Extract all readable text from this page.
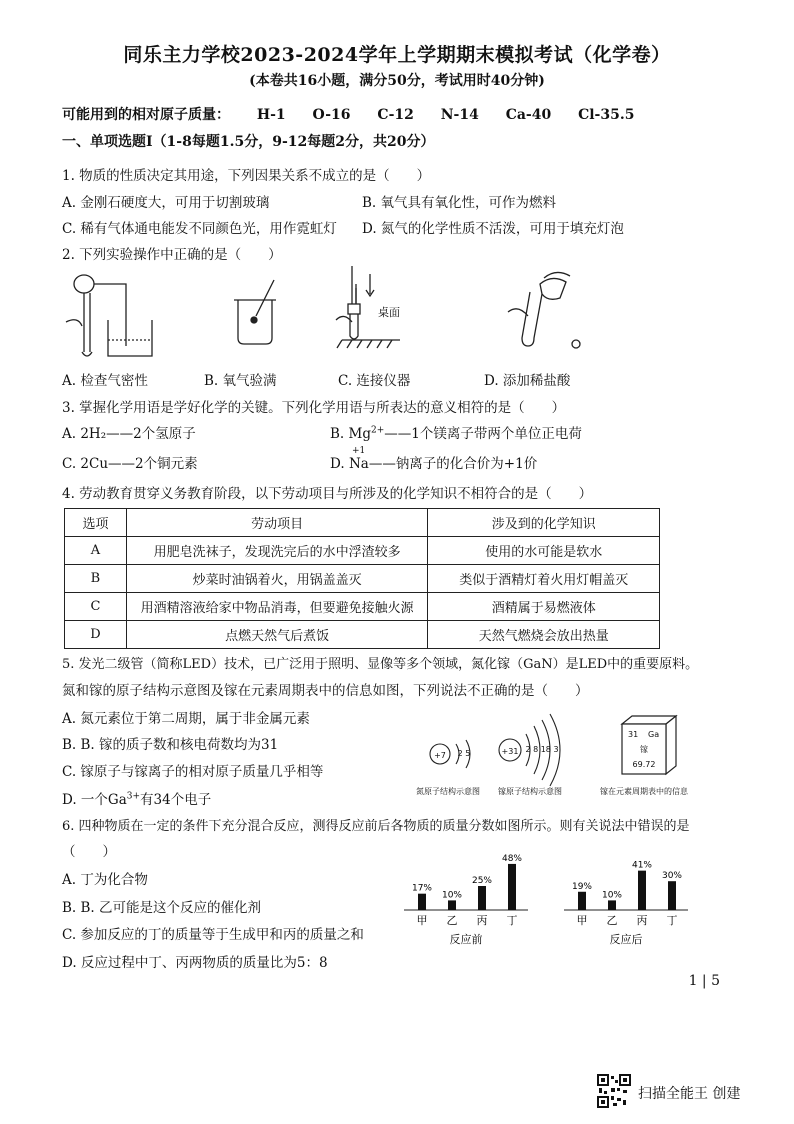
同乐主力学校2023-2024学年上学期期末模拟考试（化学卷）
(本卷共16小题，满分50分，考试用时40分钟)
可能用到的相对原子质量： H-1 O-16 C-12 N-14 Ca-40 Cl-35.5
一、单项选题Ⅰ（1-8每题1.5分，9-12每题2分，共20分）
1. 物质的性质决定其用途，下列因果关系不成立的是（　　）
A. 金刚石硬度大，可用于切割玻璃	B. 氧气具有氧化性，可作为燃料
C. 稀有气体通电能发不同颜色光，用作霓虹灯 D. 氮气的化学性质不活泼，可用于填充灯泡
2. 下列实验操作中正确的是（　　）
桌面
A. 检查气密性	B. 氧气验满	C. 连接仪器	D. 添加稀盐酸
3. 掌握化学用语是学好化学的关键。下列化学用语与所表达的意义相符的是（　　）
A. 2H₂——2个氢原子	B. $Mg^{2+}——1$个镁离子带两个单位正电荷
C. 2Cu——2个铜元素	D.
+1
Na——钠离子的化合价为+1价
4. 劳动教育贯穿义务教育阶段，以下劳动项目与所涉及的化学知识不相符合的是（　　）
选项	劳动项目	涉及到的化学知识
A	用肥皂洗袜子，发现洗完后的水中浮渣较多	使用的水可能是软水
B	炒菜时油锅着火，用锅盖盖灭	类似于酒精灯着火用灯帽盖灭
C	用酒精溶液给家中物品消毒，但要避免接触火源	酒精属于易燃液体
D	点燃天然气后煮饭	天然气燃烧会放出热量
5. 发光二级管（简称LED）技术，已广泛用于照明、显像等多个领域，氮化镓（GaN）是LED中的重要原料。
氮和镓的原子结构示意图及镓在元素周期表中的信息如图，下列说法不正确的是（　　）
A. 氮元素位于第二周期，属于非金属元素
B. B. 镓的质子数和核电荷数均为31
C. 镓原子与镓离子的相对原子质量几乎相等
D. 一个$Ga^{3+}$有34个电子
+7 2 5
氮原子结构示意图
+31 2 8 18 3
镓原子结构示意图
31 Ga
镓
69.72
镓在元素周期表中的信息
6. 四种物质在一定的条件下充分混合反应，测得反应前后各物质的质量分数如图所示。则有关说法中错误的是
（　　）
A. 丁为化合物
B. B. 乙可能是这个反应的催化剂
C. 参加反应的丁的质量等于生成甲和丙的质量之和
D. 反应过程中丁、丙两物质的质量比为5：8
17%
甲
10%
乙
25%
丙
48%
丁
反应前
19%
甲
10%
乙
41%
丙
30%
丁
反应后
1 | 5
扫描全能王 创建
